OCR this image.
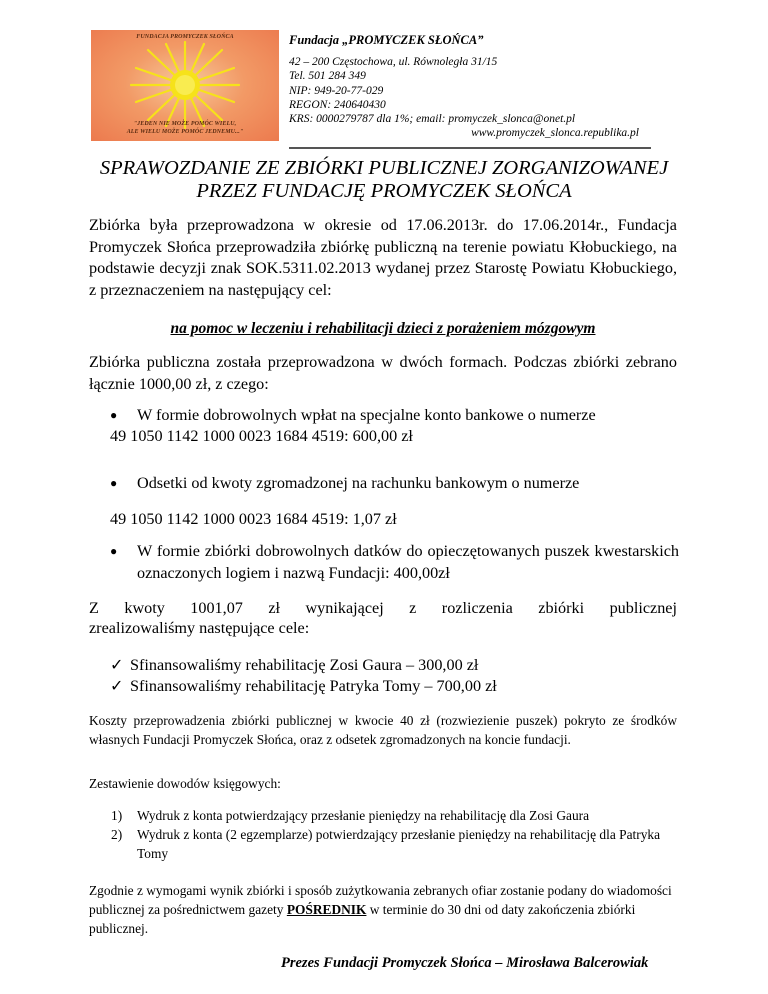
FUNDACJA PROMYCZEK SŁOŃCA
"JEDEN NIE MOŻE POMÓC WIELU,
ALE WIELU MOŻE POMÓC JEDNEMU..."
Fundacja „PROMYCZEK SŁOŃCA”
42 – 200 Częstochowa, ul. Równoległa 31/15
Tel. 501 284 349
NIP: 949-20-77-029
REGON: 240640430
KRS: 0000279787 dla 1%; email: promyczek_slonca@onet.pl
www.promyczek_slonca.republika.pl
SPRAWOZDANIE ZE ZBIÓRKI PUBLICZNEJ ZORGANIZOWANEJ
PRZEZ FUNDACJĘ PROMYCZEK SŁOŃCA
Zbiórka była przeprowadzona w okresie od 17.06.2013r. do 17.06.2014r., Fundacja Promyczek Słońca przeprowadziła zbiórkę publiczną na terenie powiatu Kłobuckiego, na podstawie decyzji znak SOK.5311.02.2013 wydanej przez Starostę Powiatu Kłobuckiego, z przeznaczeniem na następujący cel:
na pomoc w leczeniu i rehabilitacji dzieci z porażeniem mózgowym
Zbiórka publiczna została przeprowadzona w dwóch formach. Podczas zbiórki zebrano łącznie 1000,00 zł, z czego:
● W formie dobrowolnych wpłat na specjalne konto bankowe o numerze
49 1050 1142 1000 0023 1684 4519: 600,00 zł
● Odsetki od kwoty zgromadzonej na rachunku bankowym o numerze
49 1050 1142 1000 0023 1684 4519: 1,07 zł
● W formie zbiórki dobrowolnych datków do opieczętowanych puszek kwestarskich oznaczonych logiem i nazwą Fundacji: 400,00zł
Z kwoty 1001,07 zł wynikającej z rozliczenia zbiórki publicznej
zrealizowaliśmy następujące cele:
✓ Sfinansowaliśmy rehabilitację Zosi Gaura – 300,00 zł
✓ Sfinansowaliśmy rehabilitację Patryka Tomy – 700,00 zł
Koszty przeprowadzenia zbiórki publicznej w kwocie 40 zł (rozwiezienie puszek) pokryto ze środków własnych Fundacji Promyczek Słońca, oraz z odsetek zgromadzonych na koncie fundacji.
Zestawienie dowodów księgowych:
1) Wydruk z konta potwierdzający przesłanie pieniędzy na rehabilitację dla Zosi Gaura
2) Wydruk z konta (2 egzemplarze) potwierdzający przesłanie pieniędzy na rehabilitację dla Patryka Tomy
Zgodnie z wymogami wynik zbiórki i sposób zużytkowania zebranych ofiar zostanie podany do wiadomości publicznej za pośrednictwem gazety POŚREDNIK w terminie do 30 dni od daty zakończenia zbiórki publicznej.
Prezes Fundacji Promyczek Słońca – Mirosława Balcerowiak
